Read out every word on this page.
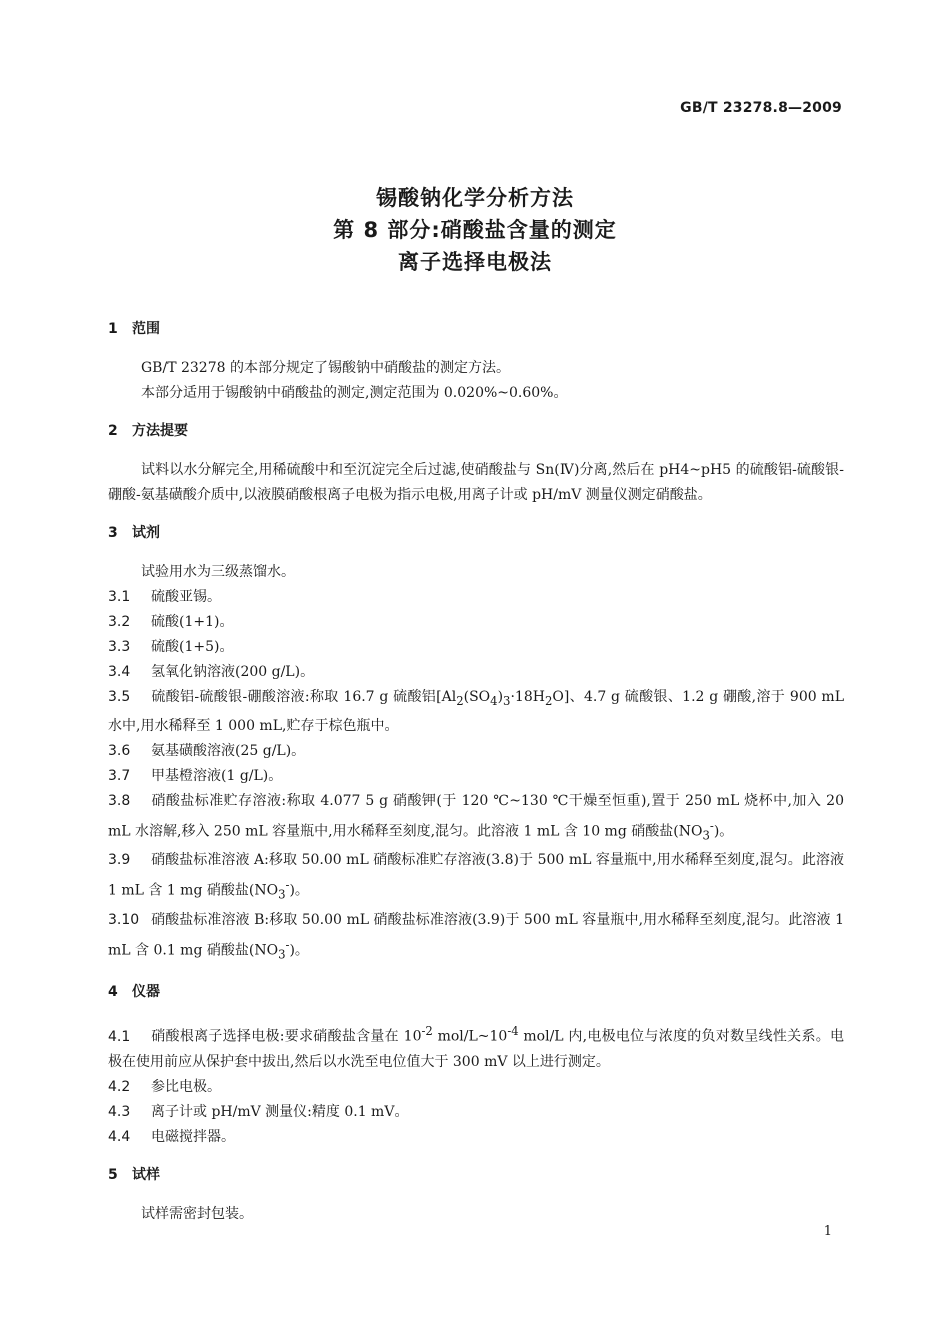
GB/T 23278.8—2009
锡酸钠化学分析方法
第 8 部分:硝酸盐含量的测定
离子选择电极法
1 范围
GB/T 23278 的本部分规定了锡酸钠中硝酸盐的测定方法。
本部分适用于锡酸钠中硝酸盐的测定,测定范围为 0.020%~0.60%。
2 方法提要
试料以水分解完全,用稀硫酸中和至沉淀完全后过滤,使硝酸盐与 Sn(Ⅳ)分离,然后在 pH4~pH5 的硫酸铝-硫酸银-硼酸-氨基磺酸介质中,以液膜硝酸根离子电极为指示电极,用离子计或 pH/mV 测量仪测定硝酸盐。
3 试剂
试验用水为三级蒸馏水。
3.1 硫酸亚锡。
3.2 硫酸(1+1)。
3.3 硫酸(1+5)。
3.4 氢氧化钠溶液(200 g/L)。
3.5 硫酸铝-硫酸银-硼酸溶液:称取 16.7 g 硫酸铝$[Al_2(SO_4)_3\cdot 18H_2O]$、4.7 g 硫酸银、1.2 g 硼酸,溶于 900 mL 水中,用水稀释至 1 000 mL,贮存于棕色瓶中。
3.6 氨基磺酸溶液(25 g/L)。
3.7 甲基橙溶液(1 g/L)。
3.8 硝酸盐标准贮存溶液:称取 4.077 5 g 硝酸钾(于 120 ℃~130 ℃干燥至恒重),置于 250 mL 烧杯中,加入 20 mL 水溶解,移入 250 mL 容量瓶中,用水稀释至刻度,混匀。此溶液 1 mL 含 10 mg 硝酸盐$(NO_3^-)$。
3.9 硝酸盐标准溶液 A:移取 50.00 mL 硝酸标准贮存溶液(3.8)于 500 mL 容量瓶中,用水稀释至刻度,混匀。此溶液 1 mL 含 1 mg 硝酸盐$(NO_3^-)$。
3.10 硝酸盐标准溶液 B:移取 50.00 mL 硝酸盐标准溶液(3.9)于 500 mL 容量瓶中,用水稀释至刻度,混匀。此溶液 1 mL 含 0.1 mg 硝酸盐$(NO_3^-)$。
4 仪器
4.1 硝酸根离子选择电极:要求硝酸盐含量在 $10^{-2}$ mol/$L\sim 10^{-4}$ mol/L 内,电极电位与浓度的负对数呈线性关系。电极在使用前应从保护套中拔出,然后以水洗至电位值大于 300 mV 以上进行测定。
4.2 参比电极。
4.3 离子计或 pH/mV 测量仪:精度 0.1 mV。
4.4 电磁搅拌器。
5 试样
试样需密封包装。
1
